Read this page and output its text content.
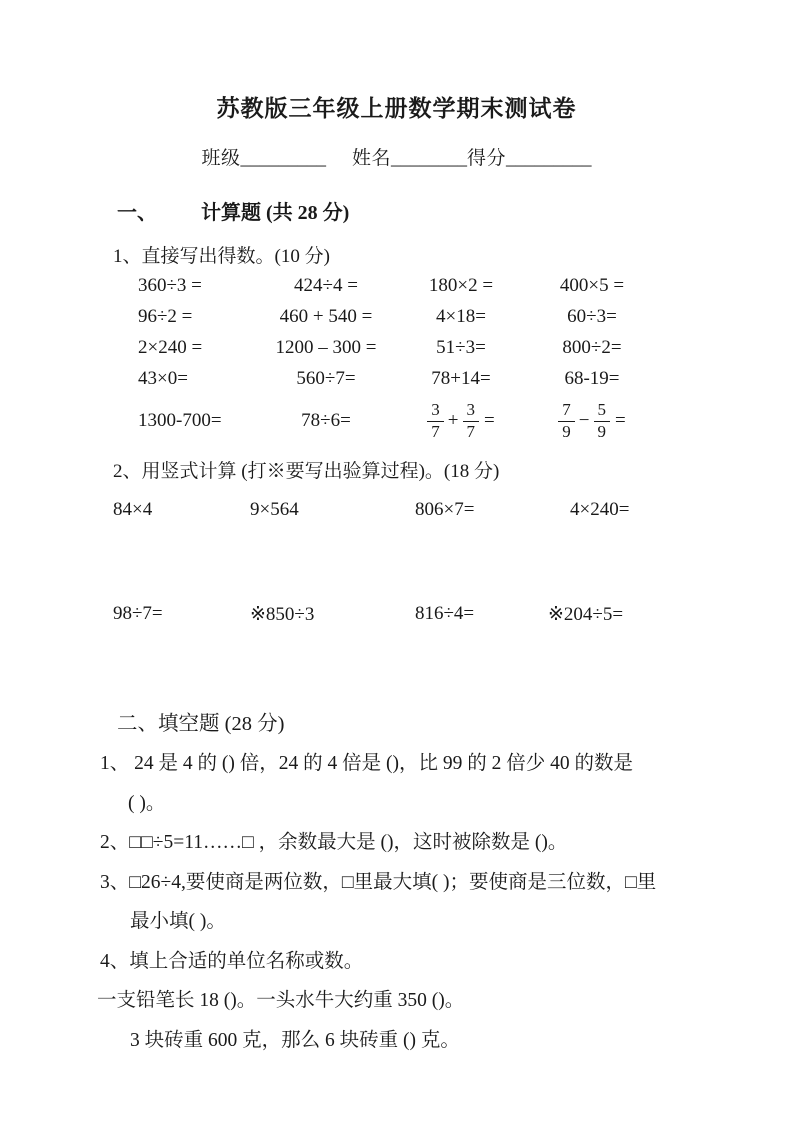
苏教版三年级上册数学期末测试卷
班级_________ 姓名________得分_________
一、 计算题 (共 28 分)
1、直接写出得数。(10 分)
360÷3 =	424÷4 =	180×2 =	400×5 =
96÷2 =	460 + 540 =	4×18=	60÷3=
2×240 =	1200 – 300 =	51÷3=	800÷2=
43×0=	560÷7=	78+14=	68-19=
1300-700=	78÷6=	$\frac{3}{7} + \frac{3}{7}$ =	$\frac{7}{9} - \frac{5}{9}$ =
2、用竖式计算 (打※要写出验算过程)。(18 分)
84×4	9×564	806×7=	4×240=
98÷7=	※850÷3	816÷4=	※204÷5=
二、填空题 (28 分)
1、 24 是 4 的 () 倍，24 的 4 倍是 ()，比 99 的 2 倍少 40 的数是
( )。
2、□□÷5=11……□ ，余数最大是 ()，这时被除数是 ()。
3、□26÷4,要使商是两位数，□里最大填( )；要使商是三位数，□里
最小填( )。
4、填上合适的单位名称或数。
一支铅笔长 18 ()。一头水牛大约重 350 ()。
3 块砖重 600 克，那么 6 块砖重 () 克。
